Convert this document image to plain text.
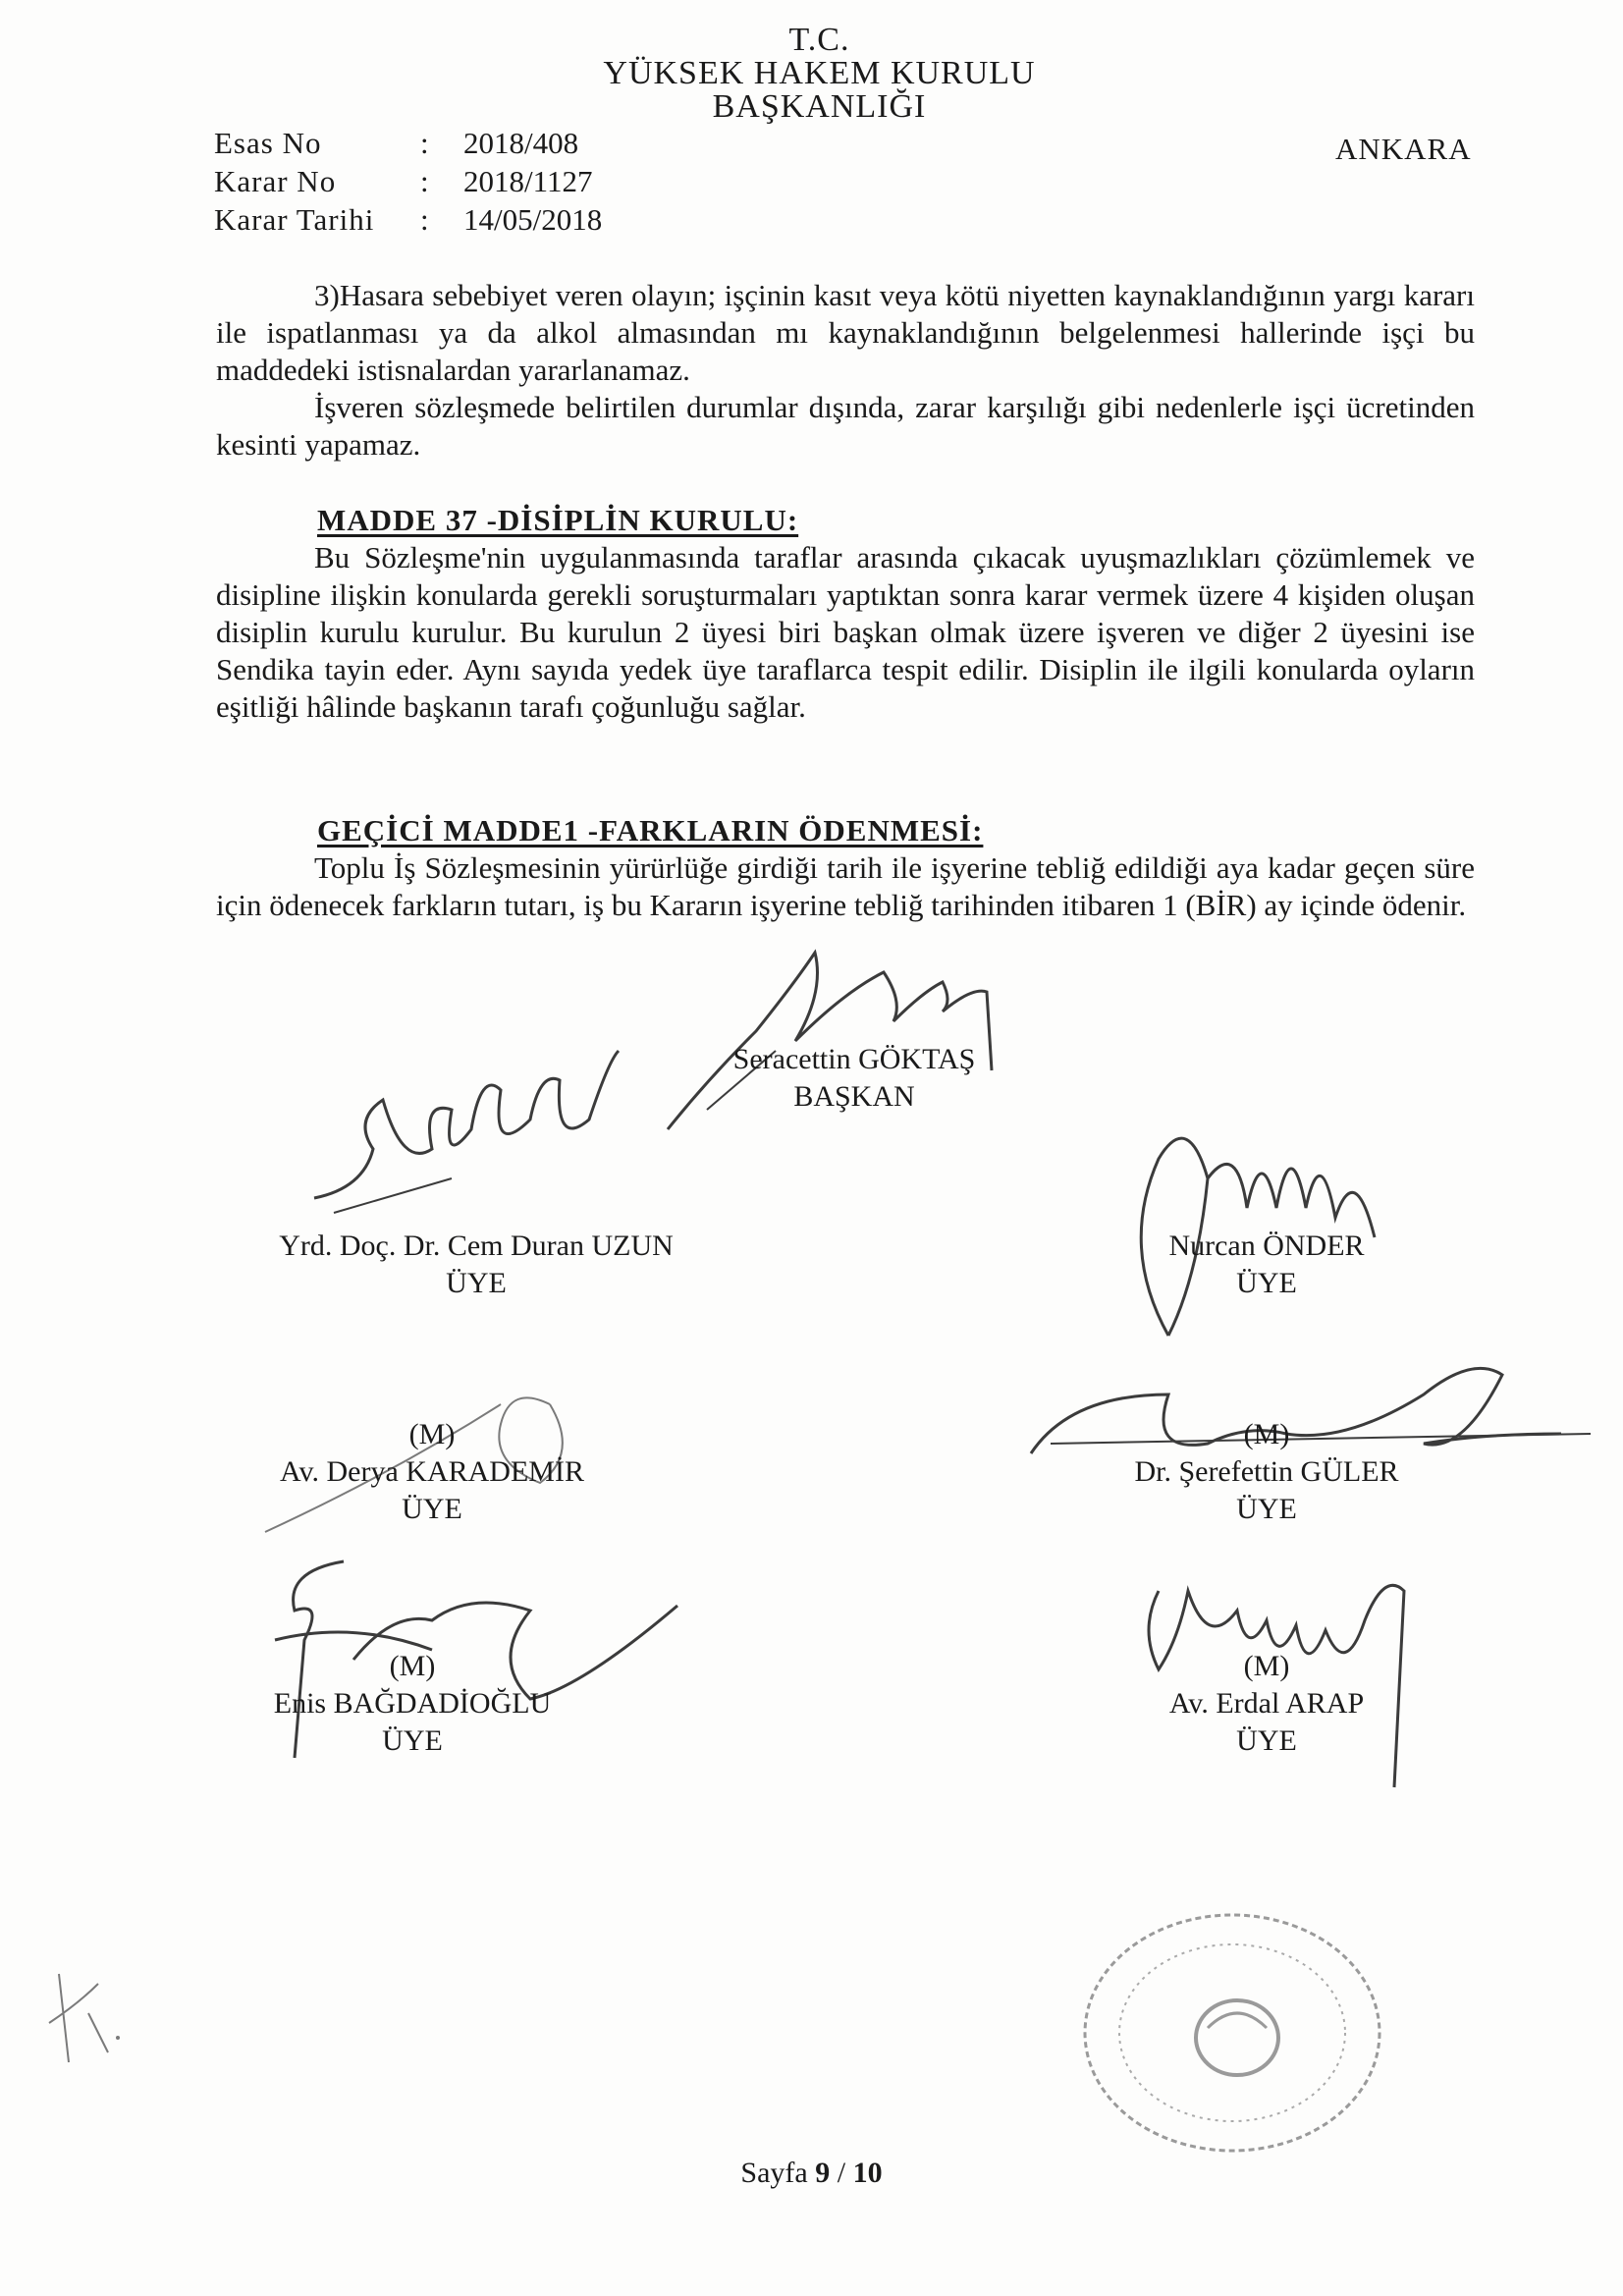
T.C.
YÜKSEK HAKEM KURULU
BAŞKANLIĞI
Esas No	: 2018/408
Karar No	: 2018/1127
Karar Tarihi : 14/05/2018
ANKARA

3)Hasara sebebiyet veren olayın; işçinin kasıt veya kötü niyetten kaynaklandığının yargı kararı ile ispatlanması ya da alkol almasından mı kaynaklandığının belgelenmesi hallerinde işçi bu maddedeki istisnalardan yararlanamaz.

İşveren sözleşmede belirtilen durumlar dışında, zarar karşılığı gibi nedenlerle işçi ücretinden kesinti yapamaz.

MADDE 37 -DİSİPLİN KURULU:

Bu Sözleşme'nin uygulanmasında taraflar arasında çıkacak uyuşmazlıkları çözümlemek ve disipline ilişkin konularda gerekli soruşturmaları yaptıktan sonra karar vermek üzere 4 kişiden oluşan disiplin kurulu kurulur. Bu kurulun 2 üyesi biri başkan olmak üzere işveren ve diğer 2 üyesini ise Sendika tayin eder. Aynı sayıda yedek üye taraflarca tespit edilir. Disiplin ile ilgili konularda oyların eşitliği hâlinde başkanın tarafı çoğunluğu sağlar.

GEÇİCİ MADDE1 -FARKLARIN ÖDENMESİ:

Toplu İş Sözleşmesinin yürürlüğe girdiği tarih ile işyerine tebliğ edildiği aya kadar geçen süre için ödenecek farkların tutarı, iş bu Kararın işyerine tebliğ tarihinden itibaren 1 (BİR) ay içinde ödenir.

Seracettin GÖKTAŞ
BAŞKAN
Yrd. Doç. Dr. Cem Duran UZUN
ÜYE
Nurcan ÖNDER
ÜYE
(M)
Av. Derya KARADEMİR
ÜYE
(M)
Dr. Şerefettin GÜLER
ÜYE
(M)
Enis BAĞDADİOĞLU
ÜYE
(M)
Av. Erdal ARAP
ÜYE
Sayfa 9 / 10
